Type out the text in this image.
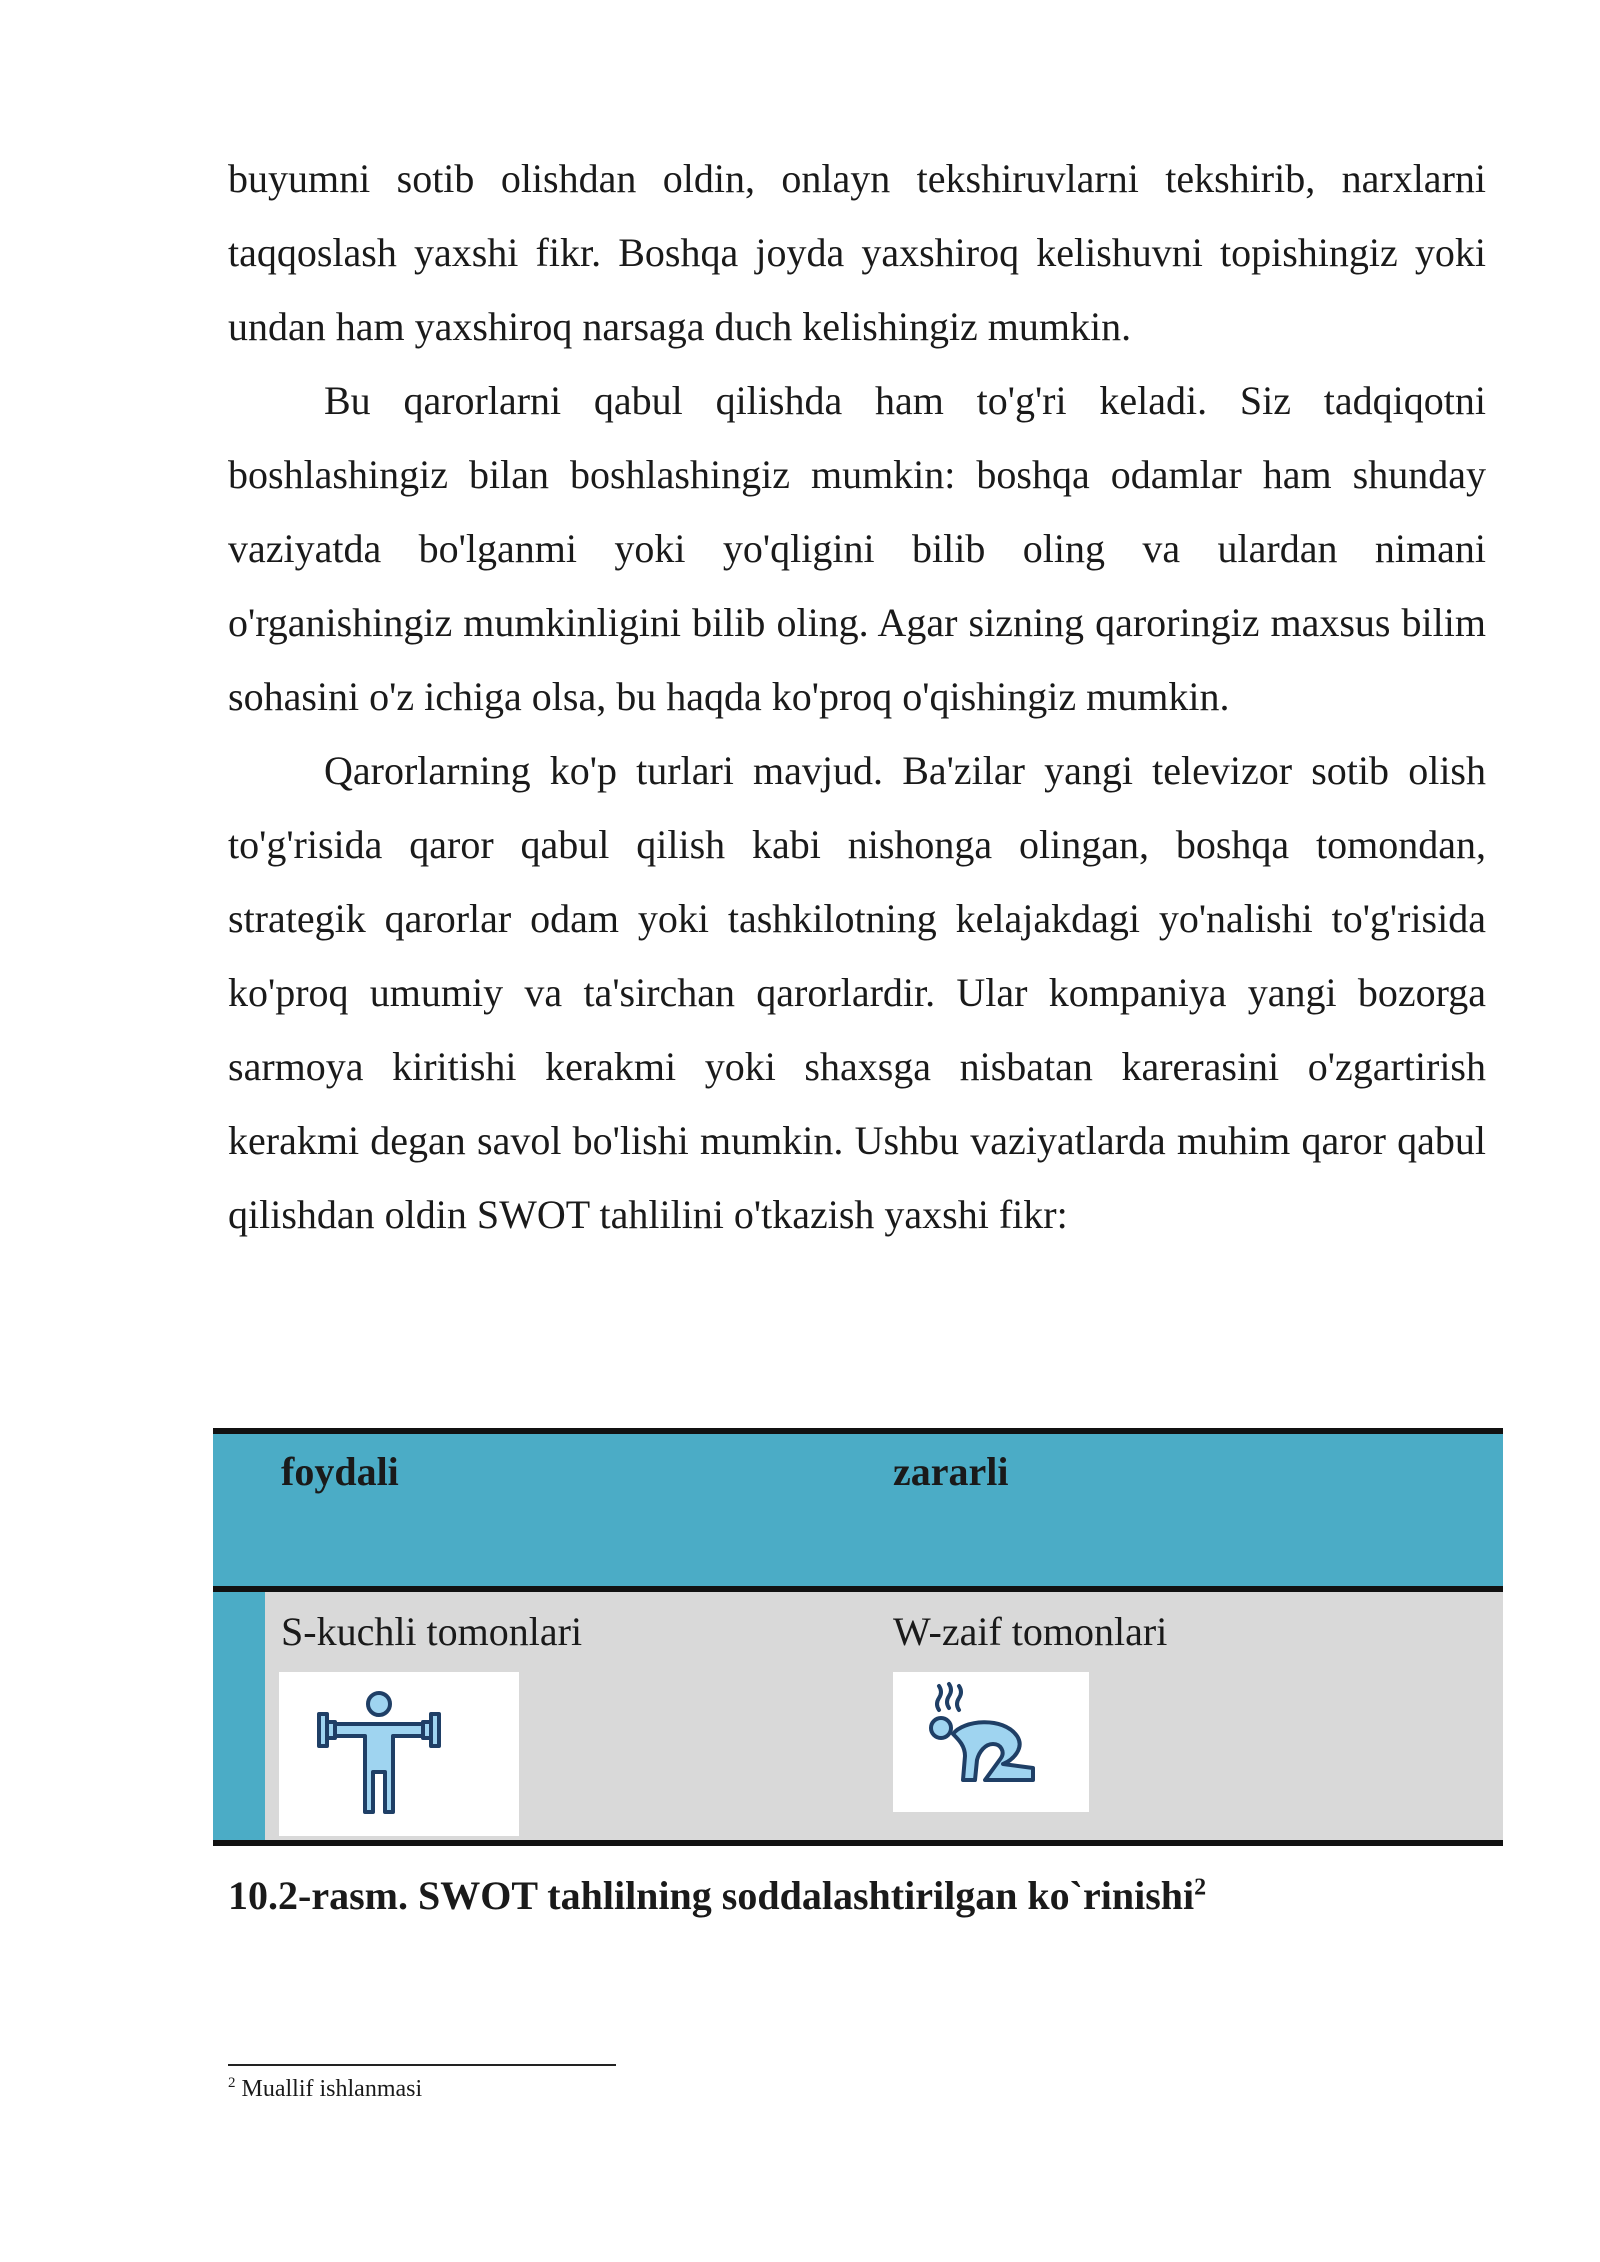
buyumni sotib olishdan oldin, onlayn tekshiruvlarni tekshirib, narxlarni taqqoslash yaxshi fikr. Boshqa joyda yaxshiroq kelishuvni topishingiz yoki undan ham yaxshiroq narsaga duch kelishingiz mumkin.

Bu qarorlarni qabul qilishda ham to'g'ri keladi. Siz tadqiqotni boshlashingiz bilan boshlashingiz mumkin: boshqa odamlar ham shunday vaziyatda bo'lganmi yoki yo'qligini bilib oling va ulardan nimani o'rganishingiz mumkinligini bilib oling. Agar sizning qaroringiz maxsus bilim sohasini o'z ichiga olsa, bu haqda ko'proq o'qishingiz mumkin.

Qarorlarning ko'p turlari mavjud. Ba'zilar yangi televizor sotib olish to'g'risida qaror qabul qilish kabi nishonga olingan, boshqa tomondan, strategik qarorlar odam yoki tashkilotning kelajakdagi yo'nalishi to'g'risida ko'proq umumiy va ta'sirchan qarorlardir. Ular kompaniya yangi bozorga sarmoya kiritishi kerakmi yoki shaxsga nisbatan karerasini o'zgartirish kerakmi degan savol bo'lishi mumkin. Ushbu vaziyatlarda muhim qaror qabul qilishdan oldin SWOT tahlilini o'tkazish yaxshi fikr:

foydali	zararli
S-kuchli tomonlari	W-zaif tomonlari
10.2-rasm. SWOT tahlilning soddalashtirilgan ko`rinishi$^2$
$^2$ Muallif ishlanmasi
